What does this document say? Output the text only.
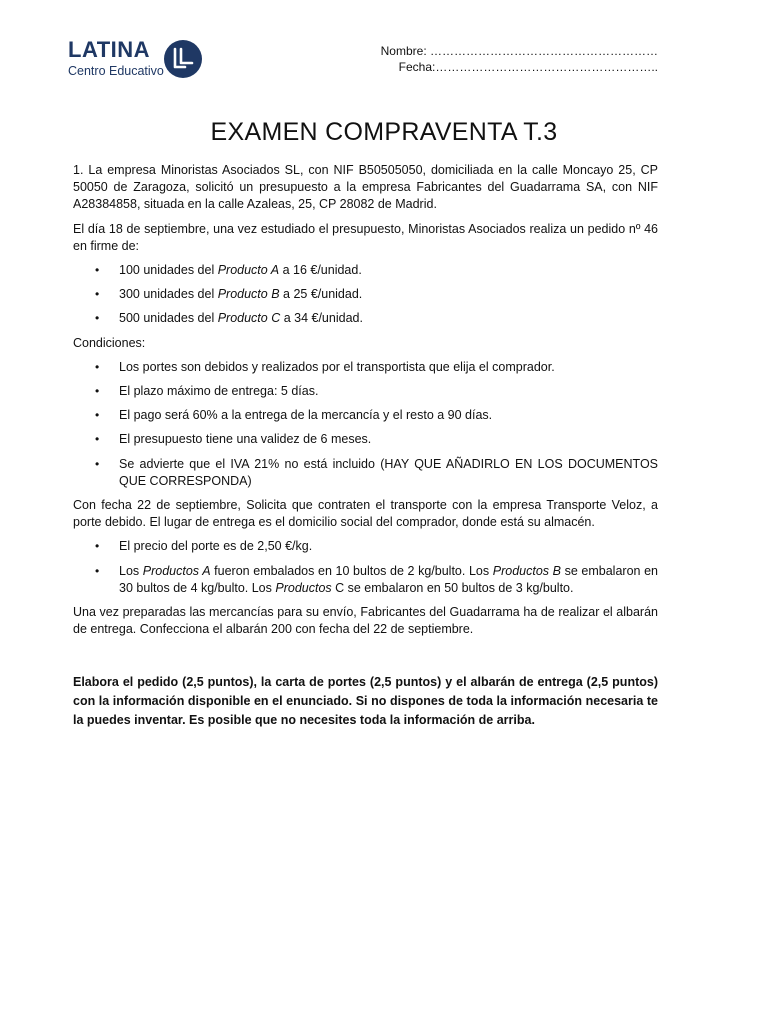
LATINA
Centro Educativo
Nombre: …………………………………………………
Fecha:………………………………………………..
EXAMEN COMPRAVENTA T.3

1. La empresa Minoristas Asociados SL, con NIF B50505050, domiciliada en la calle Moncayo 25, CP 50050 de Zaragoza, solicitó un presupuesto a la empresa Fabricantes del Guadarrama SA, con NIF A28384858, situada en la calle Azaleas, 25, CP 28082 de Madrid.

El día 18 de septiembre, una vez estudiado el presupuesto, Minoristas Asociados realiza un pedido nº 46 en firme de:

• 100 unidades del Producto A a 16 €/unidad.
• 300 unidades del Producto B a 25 €/unidad.
• 500 unidades del Producto C a 34 €/unidad.

Condiciones:

• Los portes son debidos y realizados por el transportista que elija el comprador.
• El plazo máximo de entrega: 5 días.
• El pago será 60% a la entrega de la mercancía y el resto a 90 días.
• El presupuesto tiene una validez de 6 meses.
• Se advierte que el IVA 21% no está incluido (HAY QUE AÑADIRLO EN LOS DOCUMENTOS QUE CORRESPONDA)

Con fecha 22 de septiembre, Solicita que contraten el transporte con la empresa Transporte Veloz, a porte debido. El lugar de entrega es el domicilio social del comprador, donde está su almacén.

• El precio del porte es de 2,50 €/kg.
• Los Productos A fueron embalados en 10 bultos de 2 kg/bulto. Los Productos B se embalaron en 30 bultos de 4 kg/bulto. Los Productos C se embalaron en 50 bultos de 3 kg/bulto.

Una vez preparadas las mercancías para su envío, Fabricantes del Guadarrama ha de realizar el albarán de entrega. Confecciona el albarán 200 con fecha del 22 de septiembre.

Elabora el pedido (2,5 puntos), la carta de portes (2,5 puntos) y el albarán de entrega (2,5 puntos) con la información disponible en el enunciado. Si no dispones de toda la información necesaria te la puedes inventar. Es posible que no necesites toda la información de arriba.
